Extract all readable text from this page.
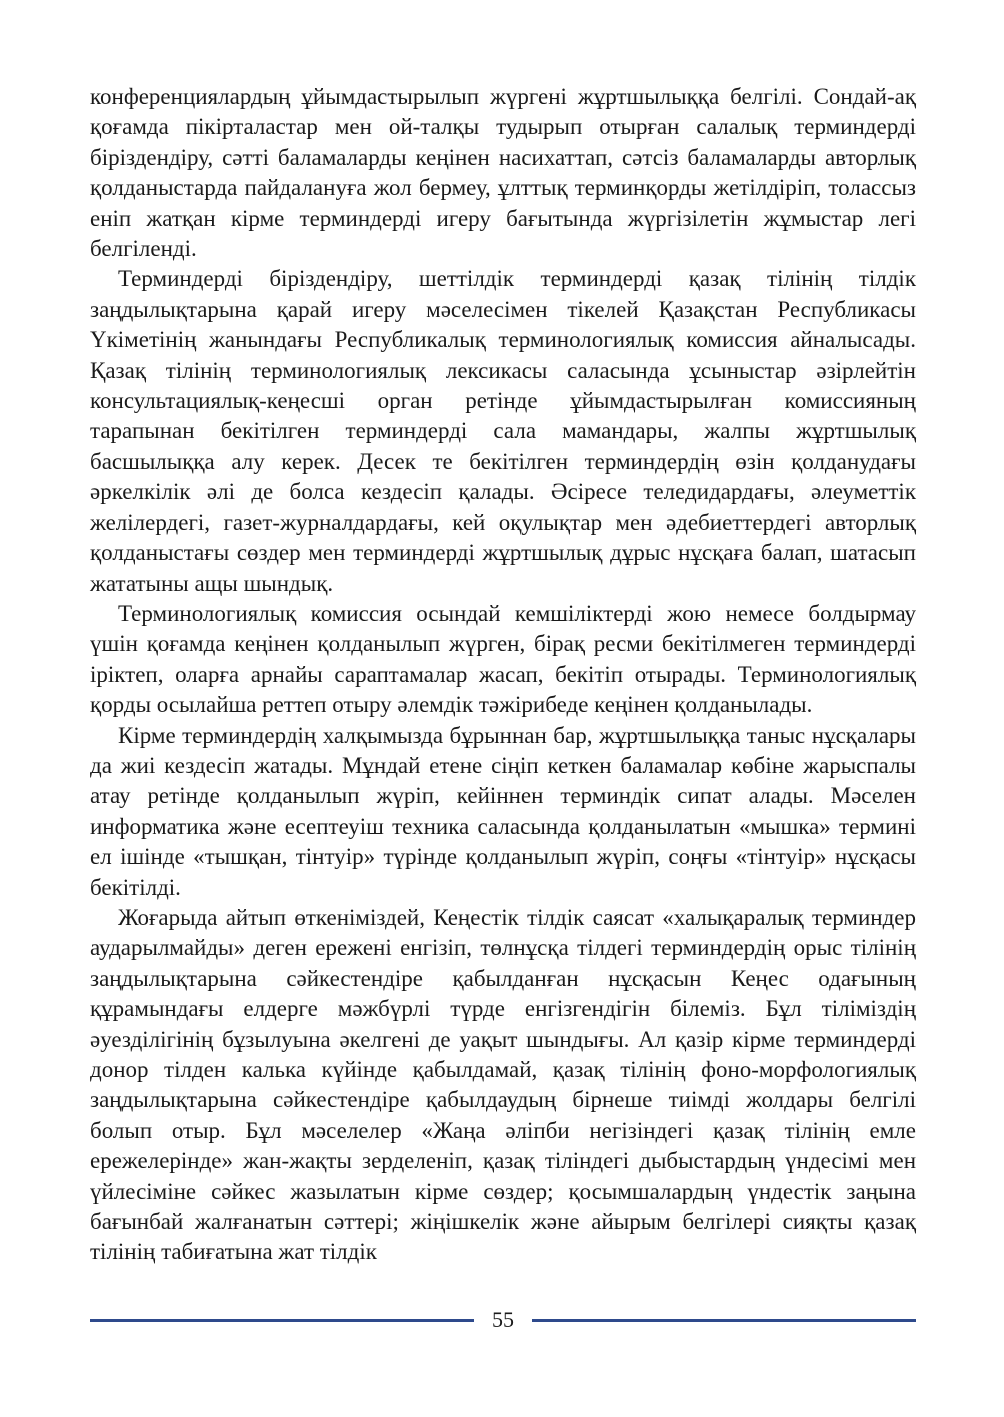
конференциялардың ұйымдастырылып жүргені жұртшылыққа белгілі. Сондай-ақ қоғамда пікірталастар мен ой-талқы тудырып отырған салалық терминдерді біріздендіру, сәтті баламаларды кеңінен насихаттап, сәтсіз баламаларды авторлық қолданыстарда пайдалануға жол бермеу, ұлттық терминқорды жетілдіріп, толассыз еніп жатқан кірме терминдерді игеру бағытында жүргізілетін жұмыстар легі белгіленді.

Терминдерді біріздендіру, шеттілдік терминдерді қазақ тілінің тілдік заңдылықтарына қарай игеру мәселесімен тікелей Қазақстан Республикасы Үкіметінің жанындағы Республикалық терминологиялық комиссия айналысады. Қазақ тілінің терминологиялық лексикасы саласында ұсыныстар әзірлейтін консультациялық-кеңесші орган ретінде ұйымдастырылған комиссияның тарапынан бекітілген терминдерді сала мамандары, жалпы жұртшылық басшылыққа алу керек. Десек те бекітілген терминдердің өзін қолданудағы әркелкілік әлі де болса кездесіп қалады. Әсіресе теледидардағы, әлеуметтік желілердегі, газет-журналдардағы, кей оқулықтар мен әдебиеттердегі авторлық қолданыстағы сөздер мен терминдерді жұртшылық дұрыс нұсқаға балап, шатасып жататыны ащы шындық.

Терминологиялық комиссия осындай кемшіліктерді жою немесе болдырмау үшін қоғамда кеңінен қолданылып жүрген, бірақ ресми бекітілмеген терминдерді іріктеп, оларға арнайы сараптамалар жасап, бекітіп отырады. Терминологиялық қорды осылайша реттеп отыру әлемдік тәжірибеде кеңінен қолданылады.

Кірме терминдердің халқымызда бұрыннан бар, жұртшылыққа таныс нұсқалары да жиі кездесіп жатады. Мұндай етене сіңіп кеткен баламалар көбіне жарыспалы атау ретінде қолданылып жүріп, кейіннен терминдік сипат алады. Мәселен информатика және есептеуіш техника саласында қолданылатын «мышка» термині ел ішінде «тышқан, тінтуір» түрінде қолданылып жүріп, соңғы «тінтуір» нұсқасы бекітілді.

Жоғарыда айтып өткеніміздей, Кеңестік тілдік саясат «халықаралық терминдер аударылмайды» деген ережені енгізіп, төлнұсқа тілдегі терминдердің орыс тілінің заңдылықтарына сәйкестендіре қабылданған нұсқасын Кеңес одағының құрамындағы елдерге мәжбүрлі түрде енгізгендігін білеміз. Бұл тіліміздің әуезділігінің бұзылуына әкелгені де уақыт шындығы. Ал қазір кірме терминдерді донор тілден калька күйінде қабылдамай, қазақ тілінің фоно-морфологиялық заңдылықтарына сәйкестендіре қабылдаудың бірнеше тиімді жолдары белгілі болып отыр. Бұл мәселелер «Жаңа әліпби негізіндегі қазақ тілінің емле ережелерінде» жан-жақты зерделеніп, қазақ тіліндегі дыбыстардың үндесімі мен үйлесіміне сәйкес жазылатын кірме сөздер; қосымшалардың үндестік заңына бағынбай жалғанатын сәттері; жіңішкелік және айырым белгілері сияқты қазақ тілінің табиғатына жат тілдік

55
